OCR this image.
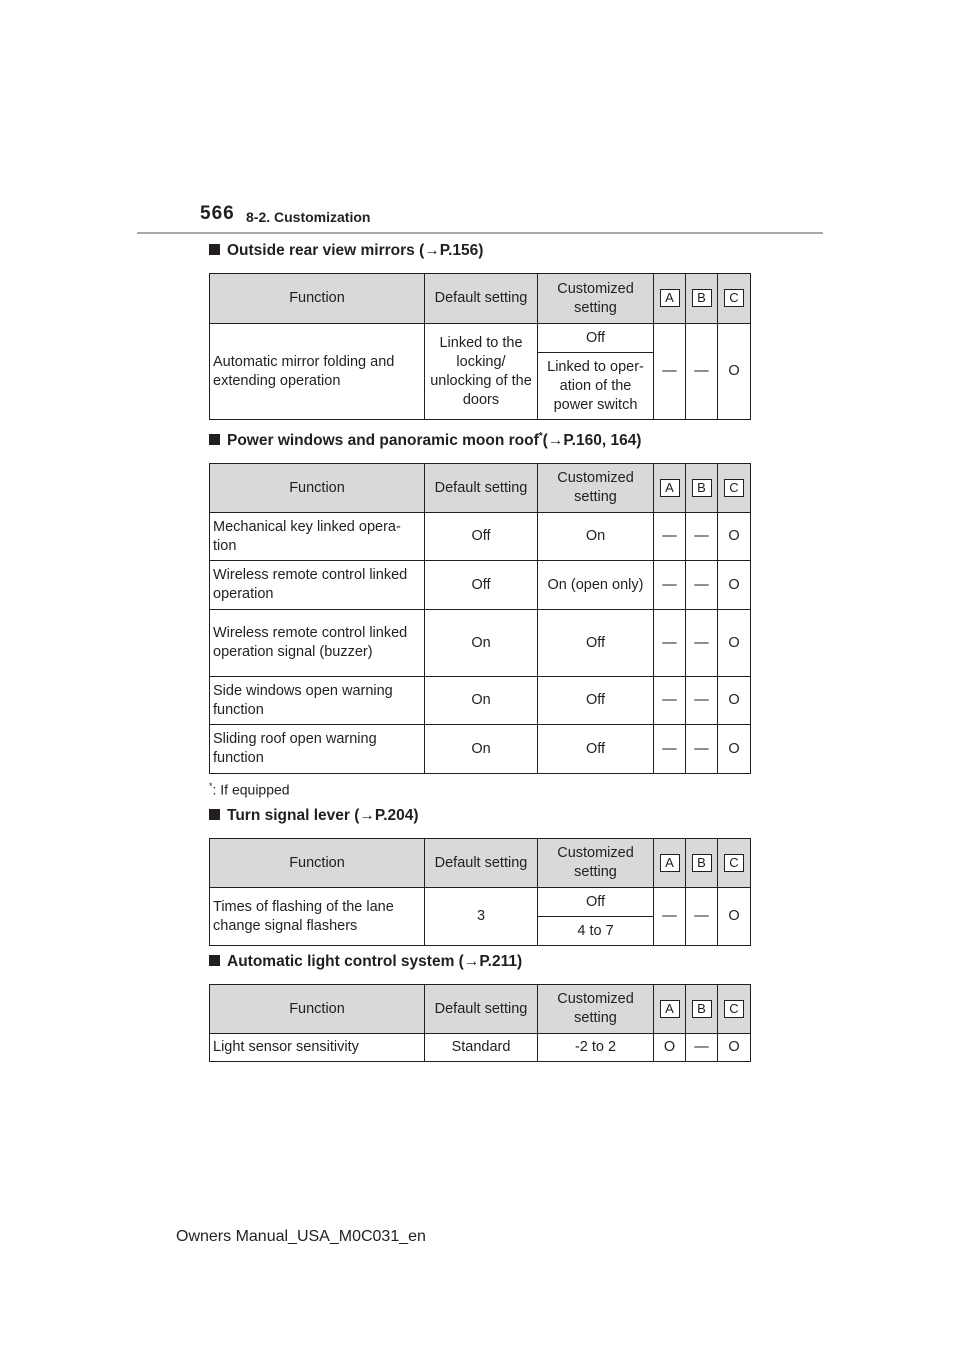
566 8-2. Customization
Outside rear view mirrors (→P.156)
Function	Default setting	Customized setting	A	B	C
Automatic mirror folding and extending operation	Linked to the locking/ unlocking of the doors	Off	—	—	O
		Linked to oper- ation of the power switch			
Power windows and panoramic moon roof*(→P.160, 164)
Function	Default setting	Customized setting	A	B	C
Mechanical key linked opera- tion	Off	On	—	—	O
Wireless remote control linked operation	Off	On (open only)	—	—	O
Wireless remote control linked operation signal (buzzer)	On	Off	—	—	O
Side windows open warning function	On	Off	—	—	O
Sliding roof open warning function	On	Off	—	—	O
*: If equipped
Turn signal lever (→P.204)
Function	Default setting	Customized setting	A	B	C
Times of flashing of the lane change signal flashers	3	Off	—	—	O
		4 to 7			
Automatic light control system (→P.211)
Function	Default setting	Customized setting	A	B	C
Light sensor sensitivity	Standard	-2 to 2	O	—	O
Owners Manual_USA_M0C031_en
